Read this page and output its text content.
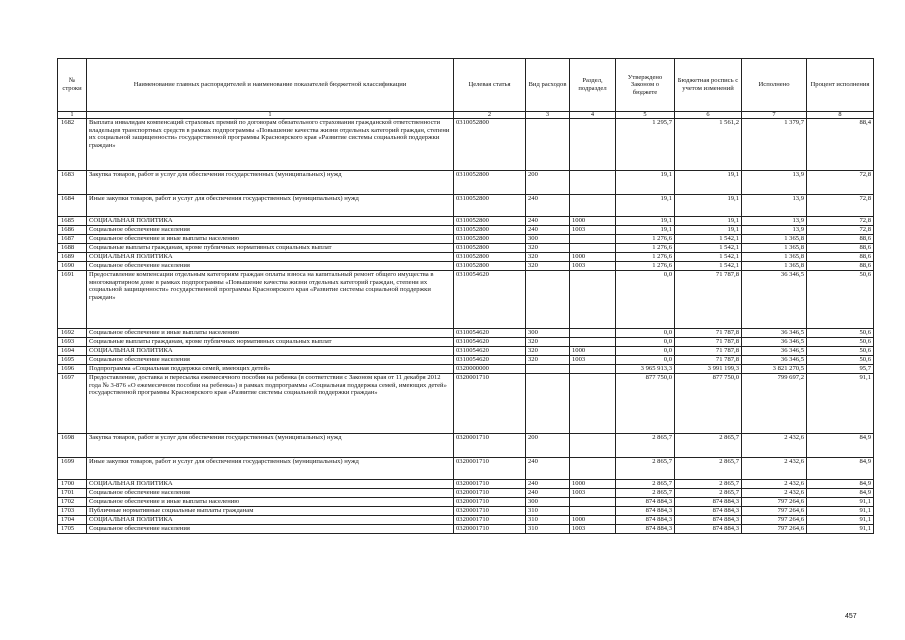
№ строки	Наименование главных распорядителей и наименование показателей бюджетной классификации	Целевая статья	Вид расходов	Раздел, подраздел	Утверждено Законом о бюджете	Бюджетная роспись с учетом изменений	Исполнено	Процент исполнения
1	1	2	3	4	5	6	7	8
1682	Выплата инвалидам компенсаций страховых премий по договорам обязательного страхования гражданской ответственности владельцев транспортных средств в рамках подпрограммы «Повышение качества жизни отдельных категорий граждан, степени их социальной защищенности» государственной программы Красноярского края «Развитие системы социальной поддержки граждан»	0310052800			1 295,7	1 561,2	1 379,7	88,4
1683	Закупка товаров, работ и услуг для обеспечения государственных (муниципальных) нужд	0310052800	200		19,1	19,1	13,9	72,8
1684	Иные закупки товаров, работ и услуг для обеспечения государственных (муниципальных) нужд	0310052800	240		19,1	19,1	13,9	72,8
1685	СОЦИАЛЬНАЯ ПОЛИТИКА	0310052800	240	1000	19,1	19,1	13,9	72,8
1686	Социальное обеспечение населения	0310052800	240	1003	19,1	19,1	13,9	72,8
1687	Социальное обеспечение и иные выплаты населению	0310052800	300		1 276,6	1 542,1	1 365,8	88,6
1688	Социальные выплаты гражданам, кроме публичных нормативных социальных выплат	0310052800	320		1 276,6	1 542,1	1 365,8	88,6
1689	СОЦИАЛЬНАЯ ПОЛИТИКА	0310052800	320	1000	1 276,6	1 542,1	1 365,8	88,6
1690	Социальное обеспечение населения	0310052800	320	1003	1 276,6	1 542,1	1 365,8	88,6
1691	Предоставление компенсации отдельным категориям граждан оплаты взноса на капитальный ремонт общего имущества в многоквартирном доме в рамках подпрограммы «Повышение качества жизни отдельных категорий граждан, степени их социальной защищенности» государственной программы Красноярского края «Развитие системы социальной поддержки граждан»	0310054620			0,0	71 787,8	36 346,5	50,6
1692	Социальное обеспечение и иные выплаты населению	0310054620	300		0,0	71 787,8	36 346,5	50,6
1693	Социальные выплаты гражданам, кроме публичных нормативных социальных выплат	0310054620	320		0,0	71 787,8	36 346,5	50,6
1694	СОЦИАЛЬНАЯ ПОЛИТИКА	0310054620	320	1000	0,0	71 787,8	36 346,5	50,6
1695	Социальное обеспечение населения	0310054620	320	1003	0,0	71 787,8	36 346,5	50,6
1696	Подпрограмма «Социальная поддержка семей, имеющих детей»	0320000000			3 965 913,3	3 991 199,3	3 821 270,5	95,7
1697	Предоставление, доставка и пересылка ежемесячного пособия на ребенка (в соответствии с Законом края от 11 декабря 2012 года № 3-876 «О ежемесячном пособии на ребенка») в рамках подпрограммы «Социальная поддержка семей, имеющих детей» государственной программы Красноярского края «Развитие системы социальной поддержки граждан»	0320001710			877 750,0	877 750,0	799 697,2	91,1
1698	Закупка товаров, работ и услуг для обеспечения государственных (муниципальных) нужд	0320001710	200		2 865,7	2 865,7	2 432,6	84,9
1699	Иные закупки товаров, работ и услуг для обеспечения государственных (муниципальных) нужд	0320001710	240		2 865,7	2 865,7	2 432,6	84,9
1700	СОЦИАЛЬНАЯ ПОЛИТИКА	0320001710	240	1000	2 865,7	2 865,7	2 432,6	84,9
1701	Социальное обеспечение населения	0320001710	240	1003	2 865,7	2 865,7	2 432,6	84,9
1702	Социальное обеспечение и иные выплаты населению	0320001710	300		874 884,3	874 884,3	797 264,6	91,1
1703	Публичные нормативные социальные выплаты гражданам	0320001710	310		874 884,3	874 884,3	797 264,6	91,1
1704	СОЦИАЛЬНАЯ ПОЛИТИКА	0320001710	310	1000	874 884,3	874 884,3	797 264,6	91,1
1705	Социальное обеспечение населения	0320001710	310	1003	874 884,3	874 884,3	797 264,6	91,1
457
